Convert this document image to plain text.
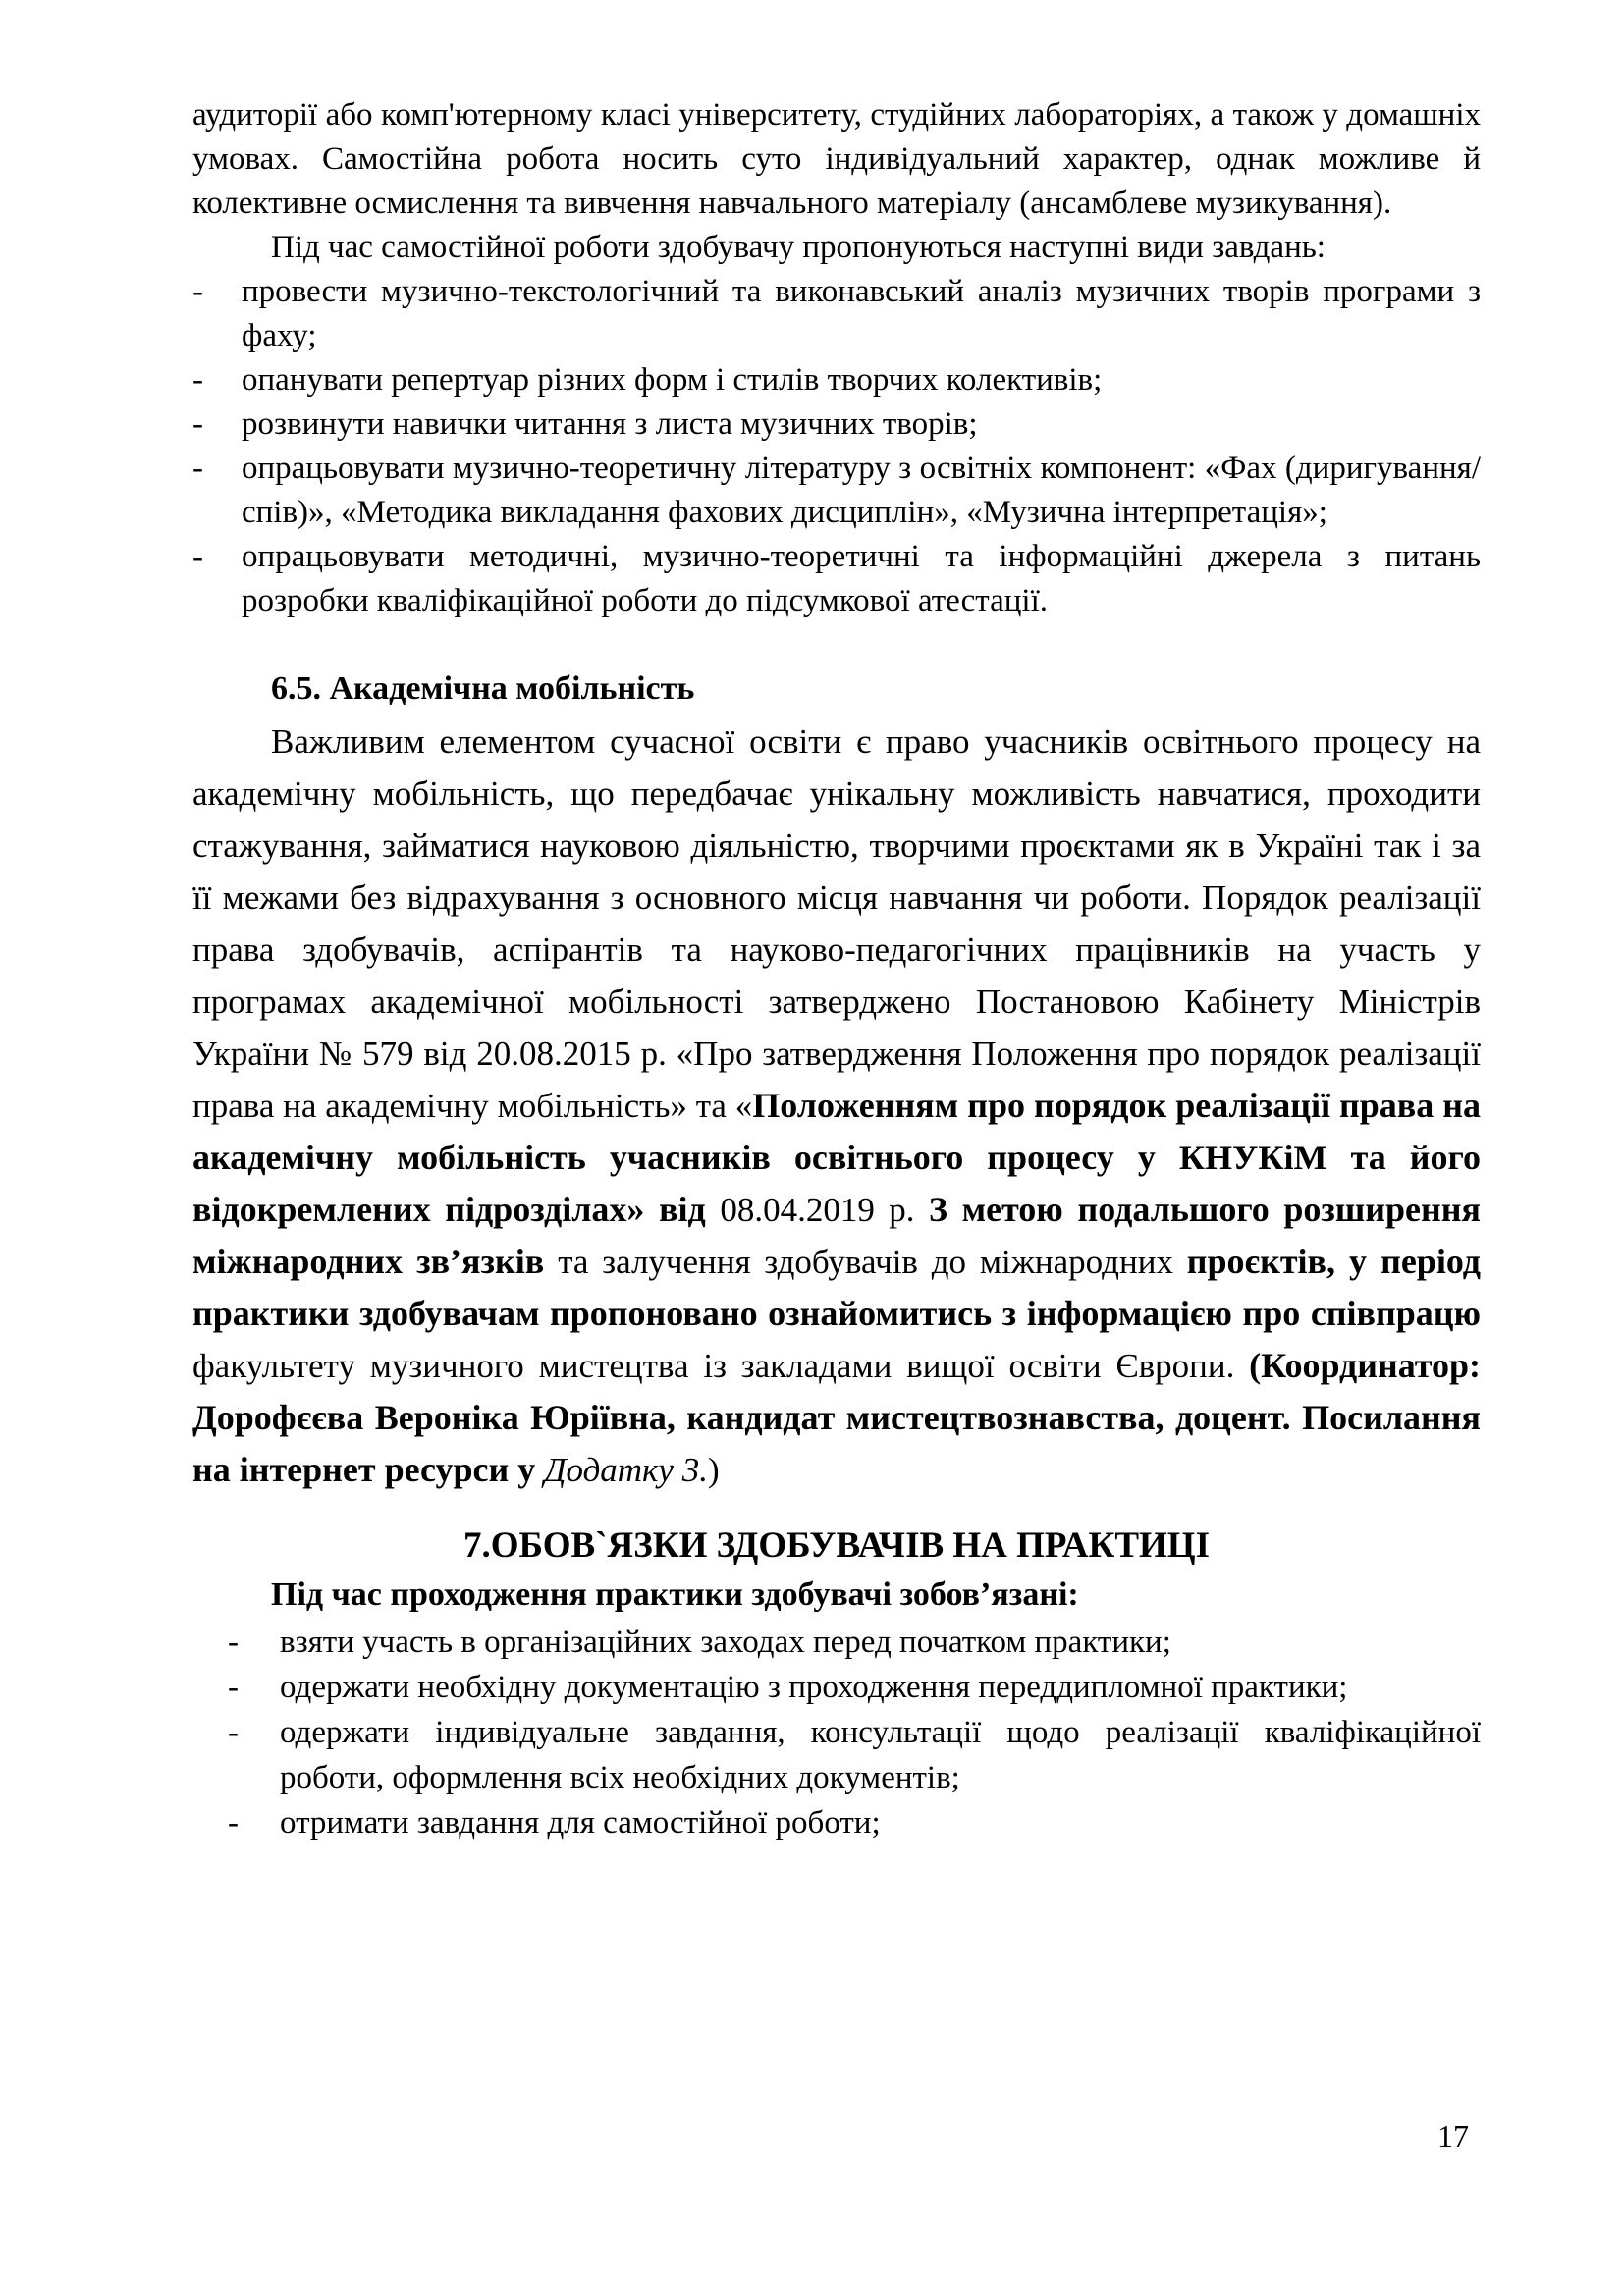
аудиторії або комп'ютерному класі університету, студійних лабораторіях, а також у домашніх умовах. Самостійна робота носить суто індивідуальний характер, однак можливе й колективне осмислення та вивчення навчального матеріалу (ансамблеве музикування).

Під час самостійної роботи здобувачу пропонуються наступні види завдань:

-	провести музично-текстологічний та виконавський аналіз музичних творів програми з фаху;
-	опанувати репертуар різних форм і стилів творчих колективів;
-	розвинути навички читання з листа музичних творів;
-	опрацьовувати музично-теоретичну літературу з освітніх компонент: «Фах (диригування/спів)», «Методика викладання фахових дисциплін», «Музична інтерпретація»;
-	опрацьовувати методичні, музично-теоретичні та інформаційні джерела з питань розробки кваліфікаційної роботи до підсумкової атестації.
6.5. Академічна мобільність

Важливим елементом сучасної освіти є право учасників освітнього процесу на академічну мобільність, що передбачає унікальну можливість навчатися, проходити стажування, займатися науковою діяльністю, творчими проєктами як в Україні так і за її межами без відрахування з основного місця навчання чи роботи. Порядок реалізації права здобувачів, аспірантів та науково-педагогічних працівників на участь у програмах академічної мобільності затверджено Постановою Кабінету Міністрів України № 579 від 20.08.2015 р. «Про затвердження Положення про порядок реалізації права на академічну мобільність» та «Положенням про порядок реалізації права на академічну мобільність учасників освітнього процесу у КНУКіМ та його відокремлених підрозділах» від 08.04.2019 р. З метою подальшого розширення міжнародних зв’язків та залучення здобувачів до міжнародних проєктів, у період практики здобувачам пропоновано ознайомитись з інформацією про співпрацю факультету музичного мистецтва із закладами вищої освіти Європи. (Координатор: Дорофєєва Вероніка Юріївна, кандидат мистецтвознавства, доцент. Посилання на інтернет ресурси у Додатку 3.)

7.ОБОВ`ЯЗКИ ЗДОБУВАЧІВ НА ПРАКТИЦІ

Під час проходження практики здобувачі зобов’язані:

-	взяти участь в організаційних заходах перед початком практики;
-	одержати необхідну документацію з проходження переддипломної практики;
-	одержати індивідуальне завдання, консультації щодо реалізації кваліфікаційної роботи, оформлення всіх необхідних документів;
-	отримати завдання для самостійної роботи;
17
